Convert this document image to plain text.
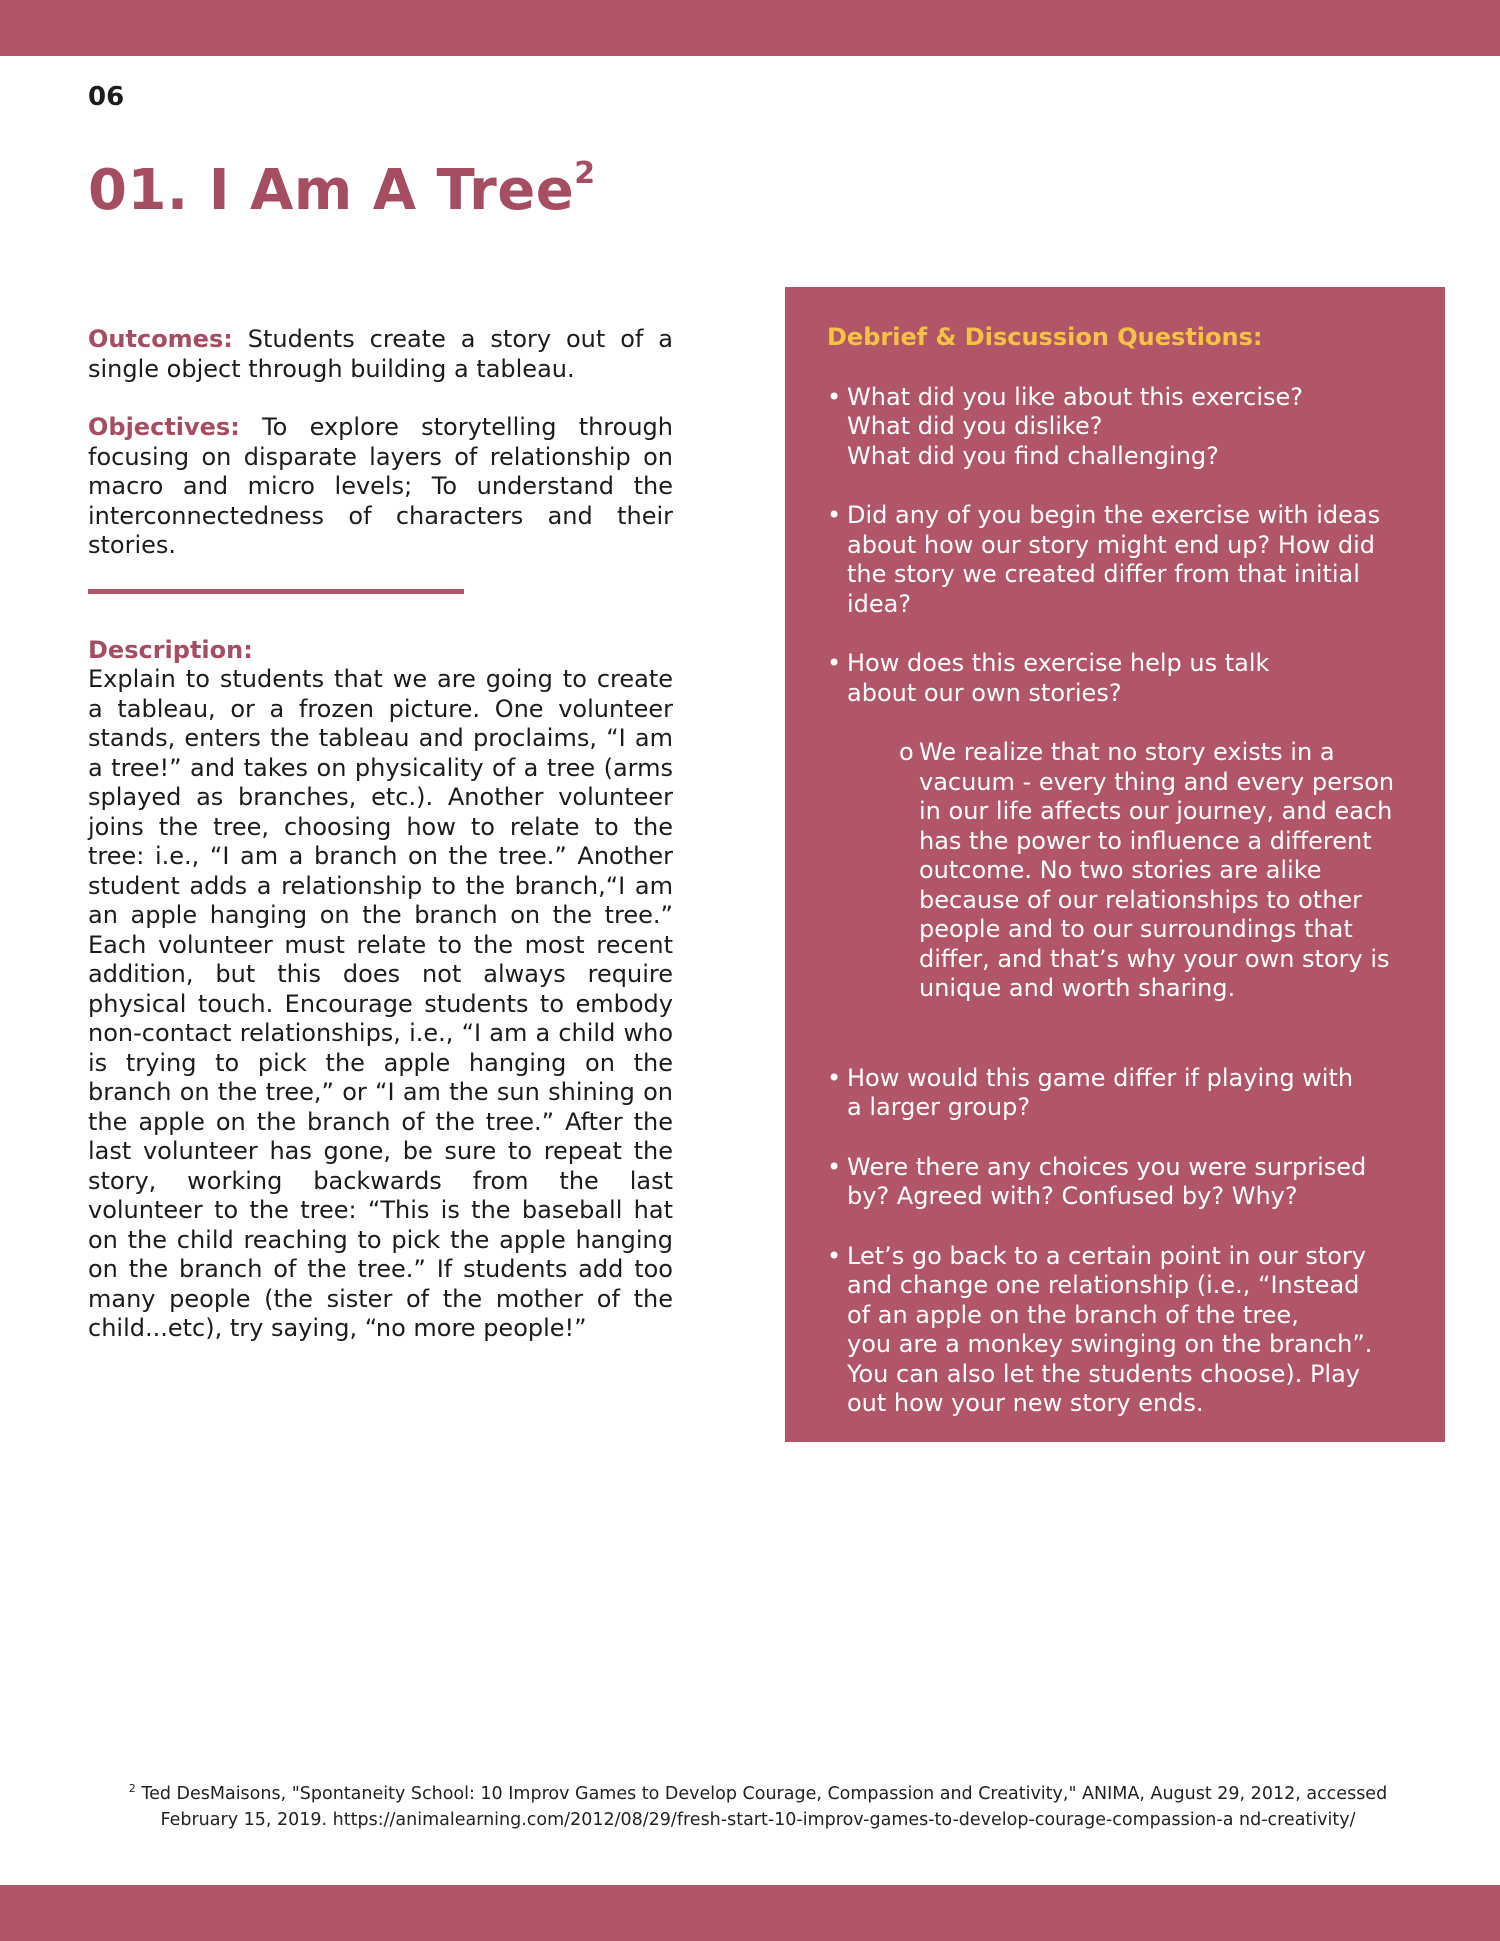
06
01. I Am A Tree$^2$

Outcomes: Students create a story out of a single object through building a tableau.

Objectives: To explore storytelling through focusing on disparate layers of relationship on macro and micro levels; To understand the interconnectedness of characters and their stories.

Description:

Explain to students that we are going to create a tableau, or a frozen picture. One volunteer stands, enters the tableau and proclaims, “I am a tree!” and takes on physicality of a tree (arms splayed as branches, etc.). Another volunteer joins the tree, choosing how to relate to the tree: i.e., “I am a branch on the tree.” Another student adds a relationship to the branch,“I am an apple hanging on the branch on the tree.” Each volunteer must relate to the most recent addition, but this does not always require physical touch. Encourage students to embody non-contact relationships, i.e., “I am a child who is trying to pick the apple hanging on the branch on the tree,” or “I am the sun shining on the apple on the branch of the tree.” After the last volunteer has gone, be sure to repeat the story, working backwards from the last volunteer to the tree: “This is the baseball hat on the child reaching to pick the apple hanging on the branch of the tree.” If students add too many people (the sister of the mother of the child...etc), try saying, “no more people!”

Debrief & Discussion Questions:

• What did you like about this exercise?
What did you dislike?
What did you find challenging?
• Did any of you begin the exercise with ideas
about how our story might end up? How did
the story we created differ from that initial
idea?
• How does this exercise help us talk
about our own stories?
o We realize that no story exists in a vacuum - every thing and every person in our life affects our journey, and each has the power to influence a different outcome. No two stories are alike because of our relationships to other people and to our surroundings that differ, and that’s why your own story is unique and worth sharing.
• How would this game differ if playing with
a larger group?
• Were there any choices you were surprised
by? Agreed with? Confused by? Why?
• Let’s go back to a certain point in our story
and change one relationship (i.e., “Instead
of an apple on the branch of the tree,
you are a monkey swinging on the branch”.
You can also let the students choose). Play
out how your new story ends.
$^2$ Ted DesMaisons, "Spontaneity School: 10 Improv Games to Develop Courage, Compassion and Creativity," ANIMA, August 29, 2012, accessed
February 15, 2019. https://animalearning.com/2012/08/29/fresh-start-10-improv-games-to-develop-courage-compassion-a nd-creativity/
